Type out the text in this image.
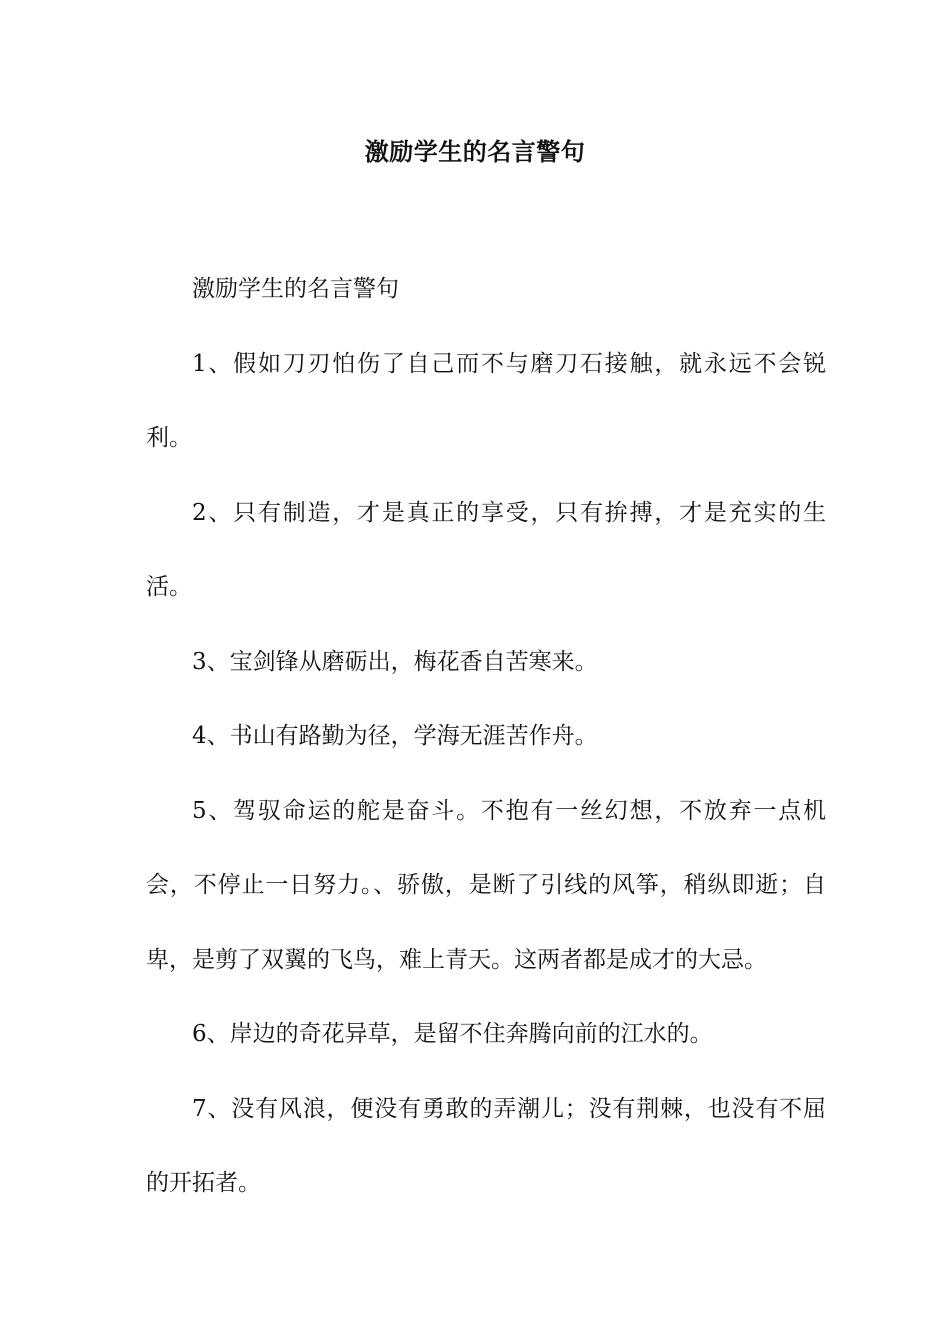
激励学生的名言警句

激励学生的名言警句

1、假如刀刃怕伤了自己而不与磨刀石接触，就永远不会锐利。

2、只有制造，才是真正的享受，只有拚搏，才是充实的生活。

3、宝剑锋从磨砺出，梅花香自苦寒来。

4、书山有路勤为径，学海无涯苦作舟。

5、驾驭命运的舵是奋斗。不抱有一丝幻想，不放弃一点机会，不停止一日努力。、骄傲，是断了引线的风筝，稍纵即逝；自卑，是剪了双翼的飞鸟，难上青天。这两者都是成才的大忌。

6、岸边的奇花异草，是留不住奔腾向前的江水的。

7、没有风浪，便没有勇敢的弄潮儿；没有荆棘，也没有不屈的开拓者。
